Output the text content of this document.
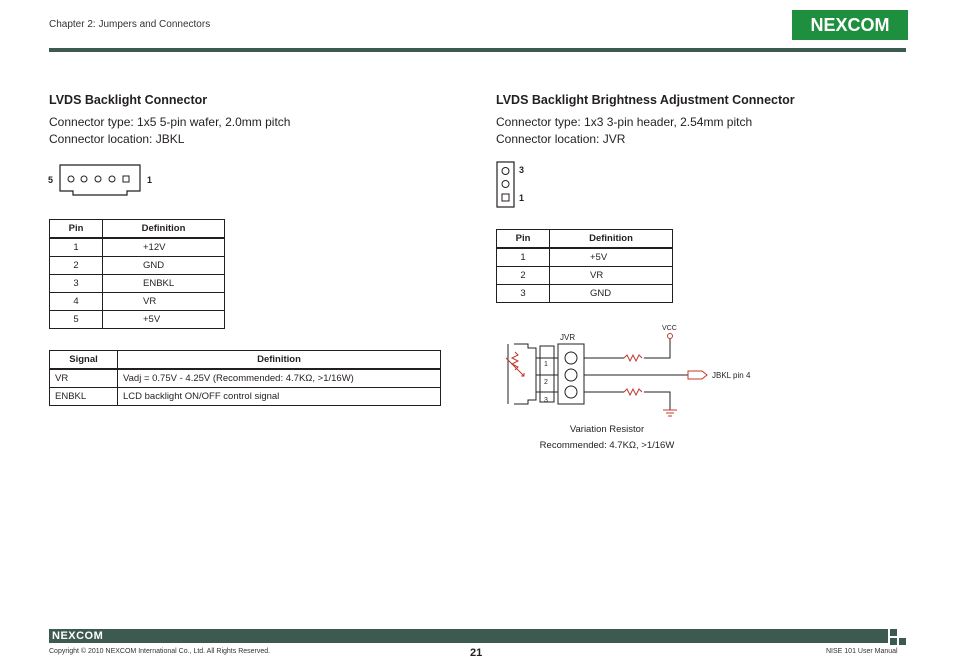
Chapter 2: Jumpers and Connectors	NEXCOM
LVDS Backlight Connector
Connector type: 1x5 5-pin wafer, 2.0mm pitch
Connector location: JBKL
5	1
Pin	Definition
1	+12V
2	GND
3	ENBKL
4	VR
5	+5V
Signal	Definition
VR	Vadj = 0.75V - 4.25V (Recommended: 4.7KΩ, >1/16W)
ENBKL	LCD backlight ON/OFF control signal
LVDS Backlight Brightness Adjustment Connector
Connector type: 1x3 3-pin header, 2.54mm pitch
Connector location: JVR
3
1
Pin	Definition
1	+5V
2	VR
3	GND
JVR
1
2
3
VCC
JBKL pin 4
Variation Resistor
Recommended: 4.7KΩ, >1/16W
NEXCOM
Copyright © 2010 NEXCOM International Co., Ltd. All Rights Reserved.	21	NISE 101 User Manual
